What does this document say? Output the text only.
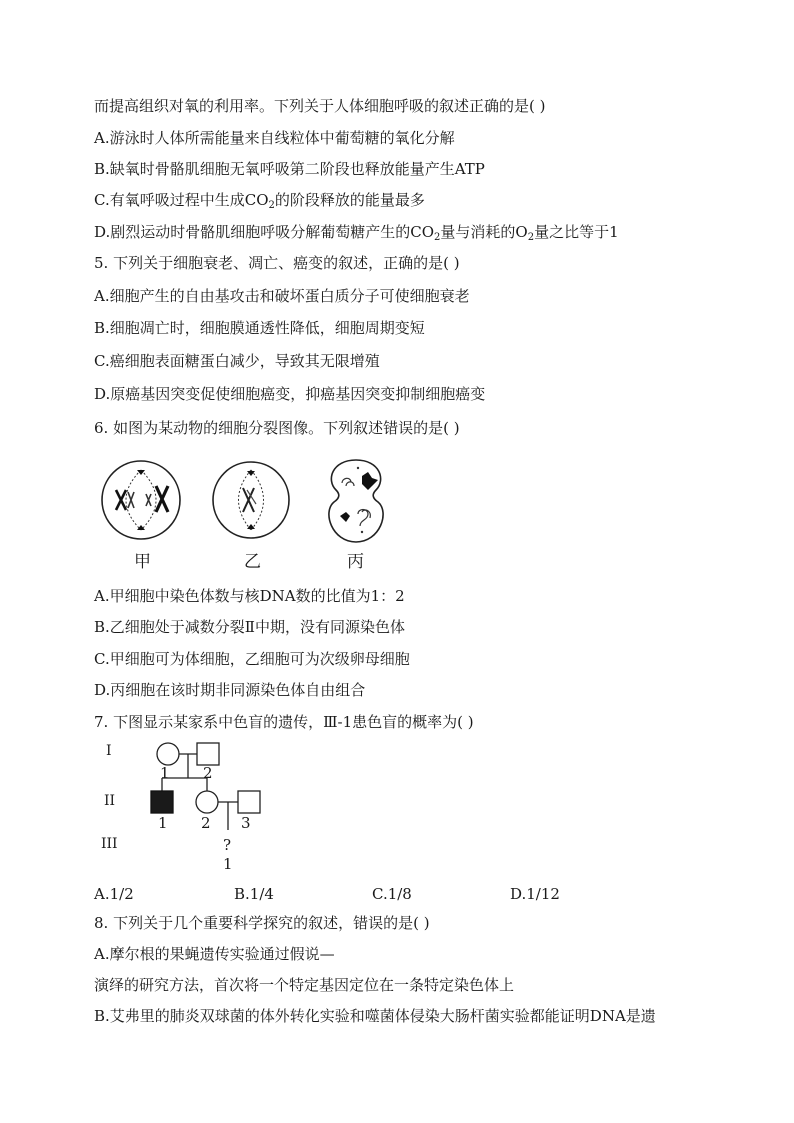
而提高组织对氧的利用率。下列关于人体细胞呼吸的叙述正确的是( )
A.游泳时人体所需能量来自线粒体中葡萄糖的氧化分解
B.缺氧时骨骼肌细胞无氧呼吸第二阶段也释放能量产生ATP
C.有氧呼吸过程中生成$CO_2$的阶段释放的能量最多
D.剧烈运动时骨骼肌细胞呼吸分解葡萄糖产生的$CO_2$量与消耗的$O_2$量之比等于1
5. 下列关于细胞衰老、凋亡、癌变的叙述，正确的是( )
A.细胞产生的自由基攻击和破坏蛋白质分子可使细胞衰老
B.细胞凋亡时，细胞膜通透性降低，细胞周期变短
C.癌细胞表面糖蛋白减少，导致其无限增殖
D.原癌基因突变促使细胞癌变，抑癌基因突变抑制细胞癌变
6. 如图为某动物的细胞分裂图像。下列叙述错误的是( )
甲	乙	丙
A.甲细胞中染色体数与核DNA数的比值为1：2
B.乙细胞处于减数分裂Ⅱ中期，没有同源染色体
C.甲细胞可为体细胞，乙细胞可为次级卵母细胞
D.丙细胞在该时期非同源染色体自由组合
7. 下图显示某家系中色盲的遗传，Ⅲ-1患色盲的概率为( )
I
II
III
1 2
1 2 3
?
1
A.1/2	B.1/4	C.1/8	D.1/12
8. 下列关于几个重要科学探究的叙述，错误的是( )
A.摩尔根的果蝇遗传实验通过假说—
演绎的研究方法，首次将一个特定基因定位在一条特定染色体上
B.艾弗里的肺炎双球菌的体外转化实验和噬菌体侵染大肠杆菌实验都能证明DNA是遗
